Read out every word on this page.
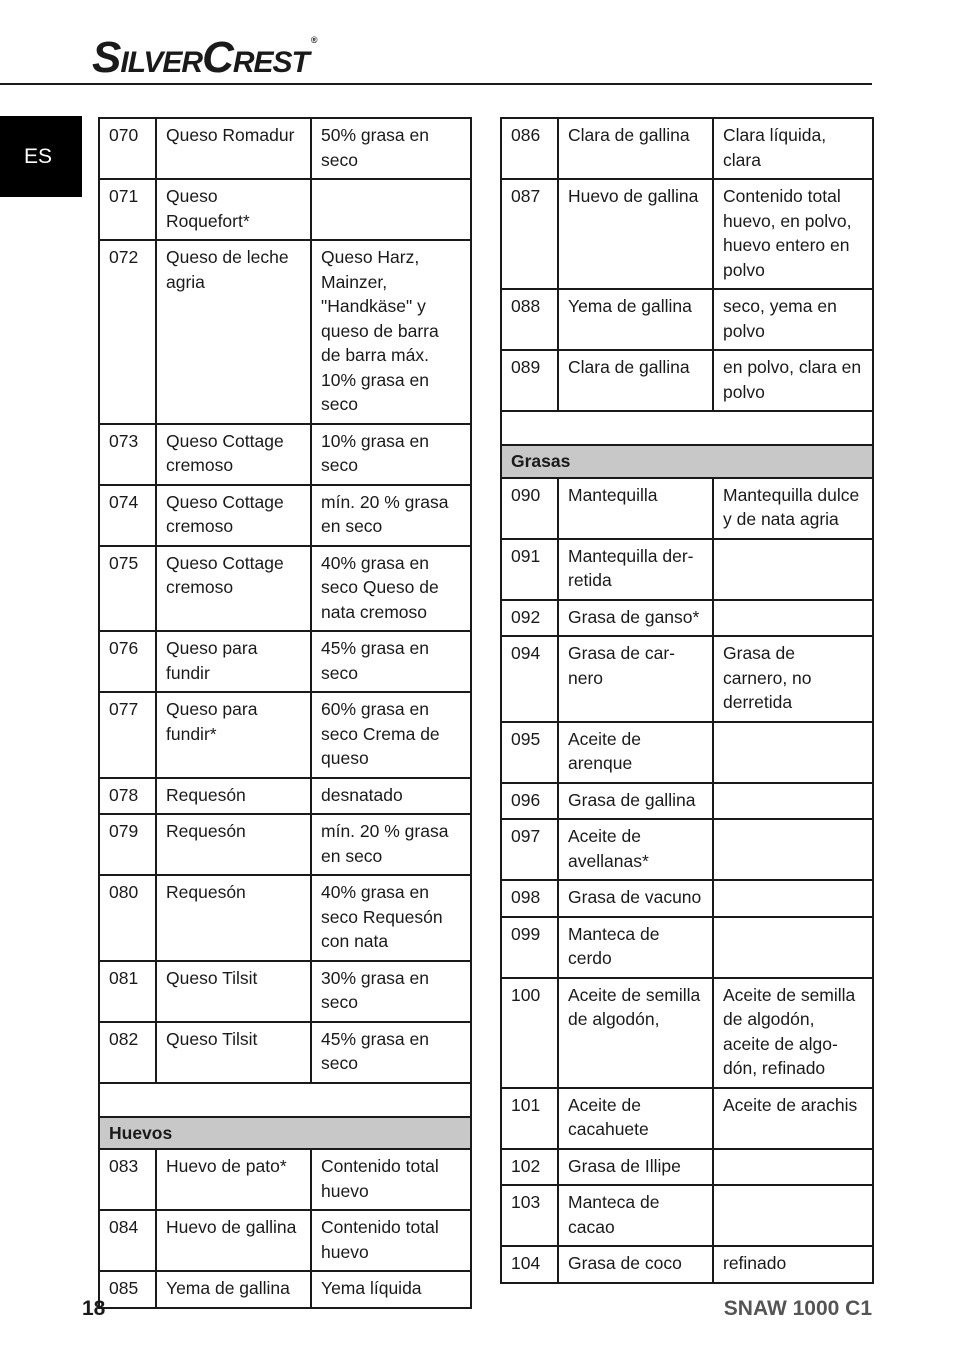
SILVERCREST®
ES
070	Queso Romadur	50% grasa en seco
071	Queso Roquefort*	
072	Queso de leche agria	Queso Harz, Mainzer, "Handkäse" y queso de barra de barra máx. 10% grasa en seco
073	Queso Cottage cremoso	10% grasa en seco
074	Queso Cottage cremoso	mín. 20 % grasa en seco
075	Queso Cottage cremoso	40% grasa en seco Queso de nata cremoso
076	Queso para fundir	45% grasa en seco
077	Queso para fundir*	60% grasa en seco Crema de queso
078	Requesón	desnatado
079	Requesón	mín. 20 % grasa en seco
080	Requesón	40% grasa en seco Requesón con nata
081	Queso Tilsit	30% grasa en seco
082	Queso Tilsit	45% grasa en seco

Huevos		
083	Huevo de pato*	Contenido total huevo
084	Huevo de gallina	Contenido total huevo
085	Yema de gallina	Yema líquida
086	Clara de gallina	Clara líquida, clara
087	Huevo de gallina	Contenido total huevo, en polvo, huevo entero en polvo
088	Yema de gallina	seco, yema en polvo
089	Clara de gallina	en polvo, clara en polvo

Grasas		
090	Mantequilla	Mantequilla dulce y de nata agria
091	Mantequilla der-retida	
092	Grasa de ganso*	
094	Grasa de car-nero	Grasa de carnero, no derretida
095	Aceite de arenque	
096	Grasa de gallina	
097	Aceite de avellanas*	
098	Grasa de vacuno	
099	Manteca de cerdo	
100	Aceite de semilla de algodón,	Aceite de semilla de algodón, aceite de algo-dón, refinado
101	Aceite de cacahuete	Aceite de arachis
102	Grasa de Illipe	
103	Manteca de cacao	
104	Grasa de coco	refinado
18	SNAW 1000 C1
